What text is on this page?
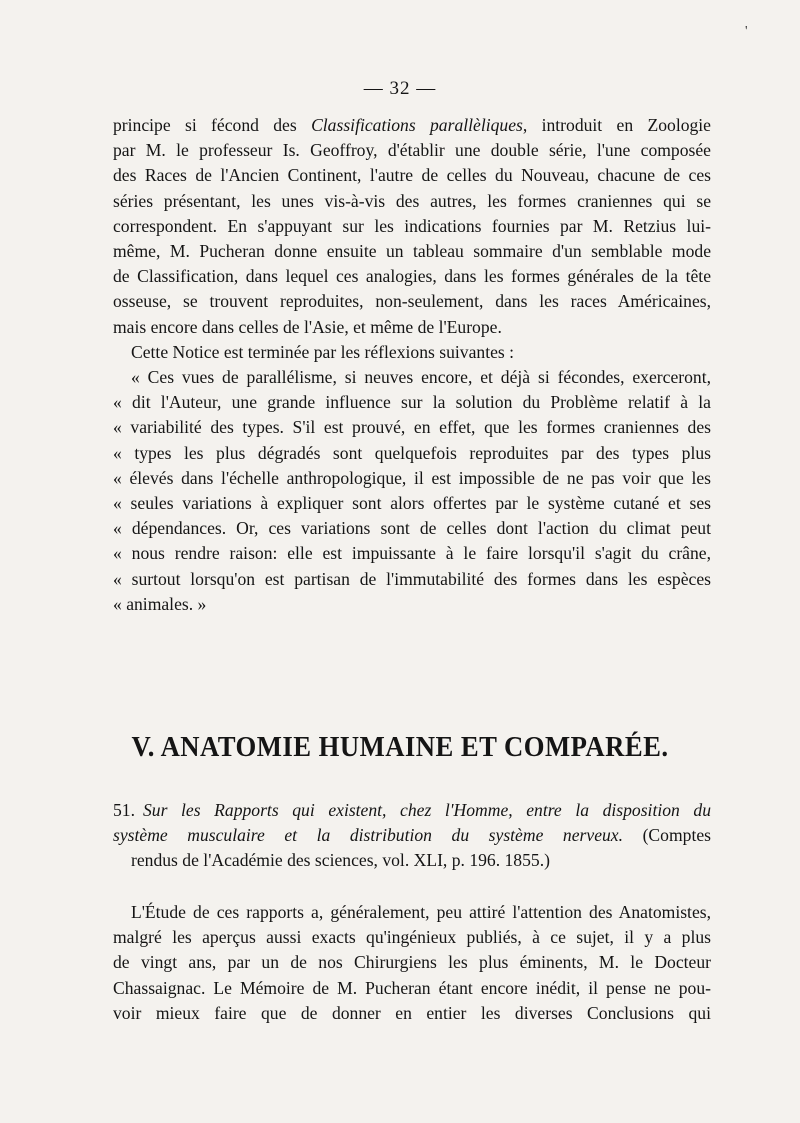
'
— 32 —
principe si fécond des Classifications parallèliques, introduit en Zoologie
par M. le professeur Is. Geoffroy, d'établir une double série, l'une composée
des Races de l'Ancien Continent, l'autre de celles du Nouveau, chacune de ces
séries présentant, les unes vis-à-vis des autres, les formes craniennes qui se
correspondent. En s'appuyant sur les indications fournies par M. Retzius lui-
même, M. Pucheran donne ensuite un tableau sommaire d'un semblable mode
de Classification, dans lequel ces analogies, dans les formes générales de la tête
osseuse, se trouvent reproduites, non-seulement, dans les races Américaines,
mais encore dans celles de l'Asie, et même de l'Europe.
Cette Notice est terminée par les réflexions suivantes :
« Ces vues de parallélisme, si neuves encore, et déjà si fécondes, exerceront,
« dit l'Auteur, une grande influence sur la solution du Problème relatif à la
« variabilité des types. S'il est prouvé, en effet, que les formes craniennes des
« types les plus dégradés sont quelquefois reproduites par des types plus
« élevés dans l'échelle anthropologique, il est impossible de ne pas voir que les
« seules variations à expliquer sont alors offertes par le système cutané et ses
« dépendances. Or, ces variations sont de celles dont l'action du climat peut
« nous rendre raison: elle est impuissante à le faire lorsqu'il s'agit du crâne,
« surtout lorsqu'on est partisan de l'immutabilité des formes dans les espèces
« animales. »
V. ANATOMIE HUMAINE ET COMPARÉE.
51. Sur les Rapports qui existent, chez l'Homme, entre la disposition du
système musculaire et la distribution du système nerveux. (Comptes
rendus de l'Académie des sciences, vol. XLI, p. 196. 1855.)
L'Étude de ces rapports a, généralement, peu attiré l'attention des Anatomistes,
malgré les aperçus aussi exacts qu'ingénieux publiés, à ce sujet, il y a plus
de vingt ans, par un de nos Chirurgiens les plus éminents, M. le Docteur
Chassaignac. Le Mémoire de M. Pucheran étant encore inédit, il pense ne pou-
voir mieux faire que de donner en entier les diverses Conclusions qui
